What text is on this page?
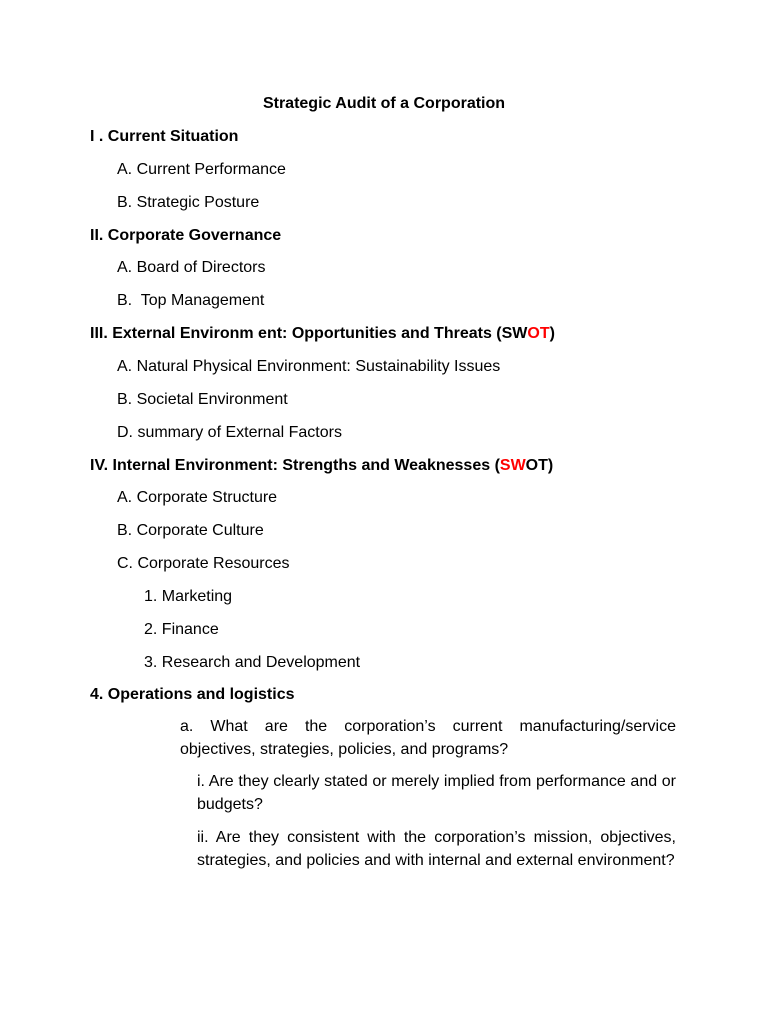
Strategic Audit of a Corporation
I . Current Situation
A. Current Performance
B. Strategic Posture
II. Corporate Governance
A. Board of Directors
B.  Top Management
III. External Environm ent: Opportunities and Threats (SWOT)
A. Natural Physical Environment: Sustainability Issues
B. Societal Environment
D. summary of External Factors
IV. Internal Environment: Strengths and Weaknesses (SWOT)
A. Corporate Structure
B. Corporate Culture
C. Corporate Resources
1. Marketing
2. Finance
3. Research and Development
4. Operations and logistics
a. What are the corporation’s current manufacturing/service objectives, strategies, policies, and programs?
i. Are they clearly stated or merely implied from performance and or budgets?
ii. Are they consistent with the corporation’s mission, objectives, strategies, and policies and with internal and external environment?
